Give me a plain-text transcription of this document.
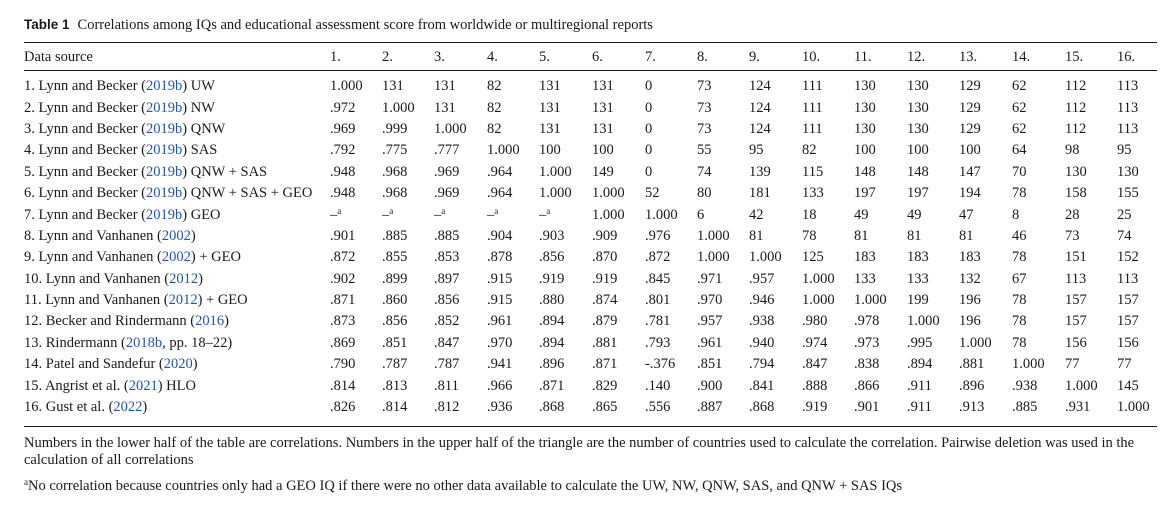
Table 1 Correlations among IQs and educational assessment score from worldwide or multiregional reports
Data source	1.	2.	3.	4.	5.	6.	7.	8.	9.	10.	11.	12.	13.	14.	15.	16.
1. Lynn and Becker (2019b) UW	1.000	131	131	82	131	131	0	73	124	111	130	130	129	62	112	113
2. Lynn and Becker (2019b) NW	.972	1.000	131	82	131	131	0	73	124	111	130	130	129	62	112	113
3. Lynn and Becker (2019b) QNW	.969	.999	1.000	82	131	131	0	73	124	111	130	130	129	62	112	113
4. Lynn and Becker (2019b) SAS	.792	.775	.777	1.000	100	100	0	55	95	82	100	100	100	64	98	95
5. Lynn and Becker (2019b) QNW + SAS	.948	.968	.969	.964	1.000	149	0	74	139	115	148	148	147	70	130	130
6. Lynn and Becker (2019b) QNW + SAS + GEO	.948	.968	.969	.964	1.000	1.000	52	80	181	133	197	197	194	78	158	155
7. Lynn and Becker (2019b) GEO	–$^a$	–$^a$	–$^a$	–$^a$	–$^a$	1.000	1.000	6	42	18	49	49	47	8	28	25
8. Lynn and Vanhanen (2002)	.901	.885	.885	.904	.903	.909	.976	1.000	81	78	81	81	81	46	73	74
9. Lynn and Vanhanen (2002) + GEO	.872	.855	.853	.878	.856	.870	.872	1.000	1.000	125	183	183	183	78	151	152
10. Lynn and Vanhanen (2012)	.902	.899	.897	.915	.919	.919	.845	.971	.957	1.000	133	133	132	67	113	113
11. Lynn and Vanhanen (2012) + GEO	.871	.860	.856	.915	.880	.874	.801	.970	.946	1.000	1.000	199	196	78	157	157
12. Becker and Rindermann (2016)	.873	.856	.852	.961	.894	.879	.781	.957	.938	.980	.978	1.000	196	78	157	157
13. Rindermann (2018b, pp. 18–22)	.869	.851	.847	.970	.894	.881	.793	.961	.940	.974	.973	.995	1.000	78	156	156
14. Patel and Sandefur (2020)	.790	.787	.787	.941	.896	.871	-.376	.851	.794	.847	.838	.894	.881	1.000	77	77
15. Angrist et al. (2021) HLO	.814	.813	.811	.966	.871	.829	.140	.900	.841	.888	.866	.911	.896	.938	1.000	145
16. Gust et al. (2022)	.826	.814	.812	.936	.868	.865	.556	.887	.868	.919	.901	.911	.913	.885	.931	1.000
Numbers in the lower half of the table are correlations. Numbers in the upper half of the triangle are the number of countries used to calculate the correlation. Pairwise deletion was used in the calculation of all correlations
$^a$No correlation because countries only had a GEO IQ if there were no other data available to calculate the UW, NW, QNW, SAS, and QNW + SAS IQs
